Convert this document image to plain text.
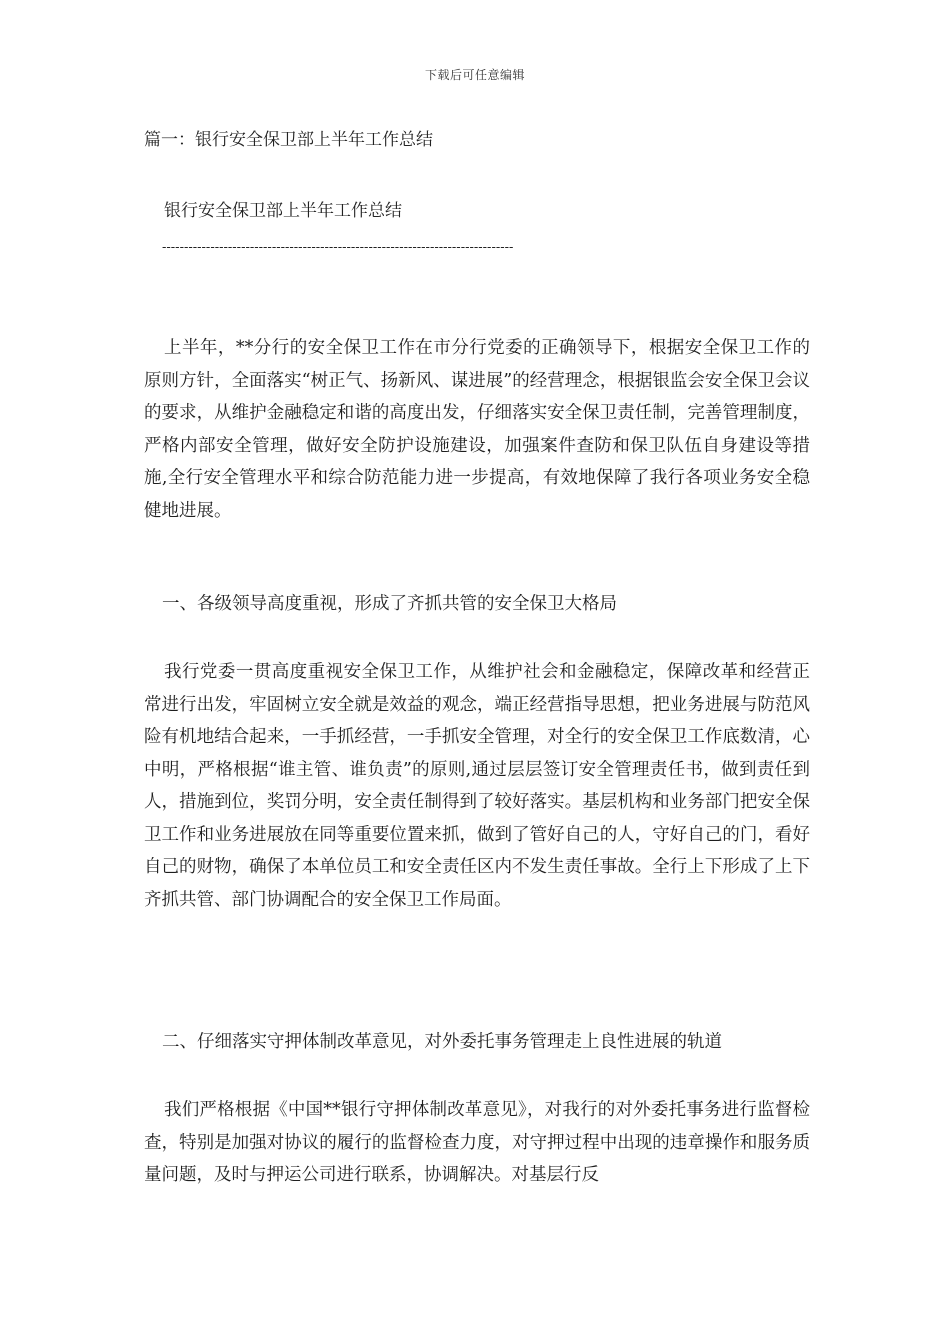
下载后可任意编辑
篇一：银行安全保卫部上半年工作总结
银行安全保卫部上半年工作总结
--------------------------------------------------------------------------------

上半年，**分行的安全保卫工作在市分行党委的正确领导下，根据安全保卫工作的原则方针，全面落实“树正气、扬新风、谋进展”的经营理念，根据银监会安全保卫会议的要求，从维护金融稳定和谐的高度出发，仔细落实安全保卫责任制，完善管理制度，严格内部安全管理，做好安全防护设施建设，加强案件查防和保卫队伍自身建设等措施,全行安全管理水平和综合防范能力进一步提高，有效地保障了我行各项业务安全稳健地进展。

一、各级领导高度重视，形成了齐抓共管的安全保卫大格局

我行党委一贯高度重视安全保卫工作，从维护社会和金融稳定，保障改革和经营正常进行出发，牢固树立安全就是效益的观念，端正经营指导思想，把业务进展与防范风险有机地结合起来，一手抓经营，一手抓安全管理，对全行的安全保卫工作底数清，心中明，严格根据“谁主管、谁负责”的原则,通过层层签订安全管理责任书，做到责任到人，措施到位，奖罚分明，安全责任制得到了较好落实。基层机构和业务部门把安全保卫工作和业务进展放在同等重要位置来抓，做到了管好自己的人，守好自己的门，看好自己的财物，确保了本单位员工和安全责任区内不发生责任事故。全行上下形成了上下齐抓共管、部门协调配合的安全保卫工作局面。

二、仔细落实守押体制改革意见，对外委托事务管理走上良性进展的轨道

我们严格根据《中国**银行守押体制改革意见》，对我行的对外委托事务进行监督检查，特别是加强对协议的履行的监督检查力度，对守押过程中出现的违章操作和服务质量问题，及时与押运公司进行联系，协调解决。对基层行反
